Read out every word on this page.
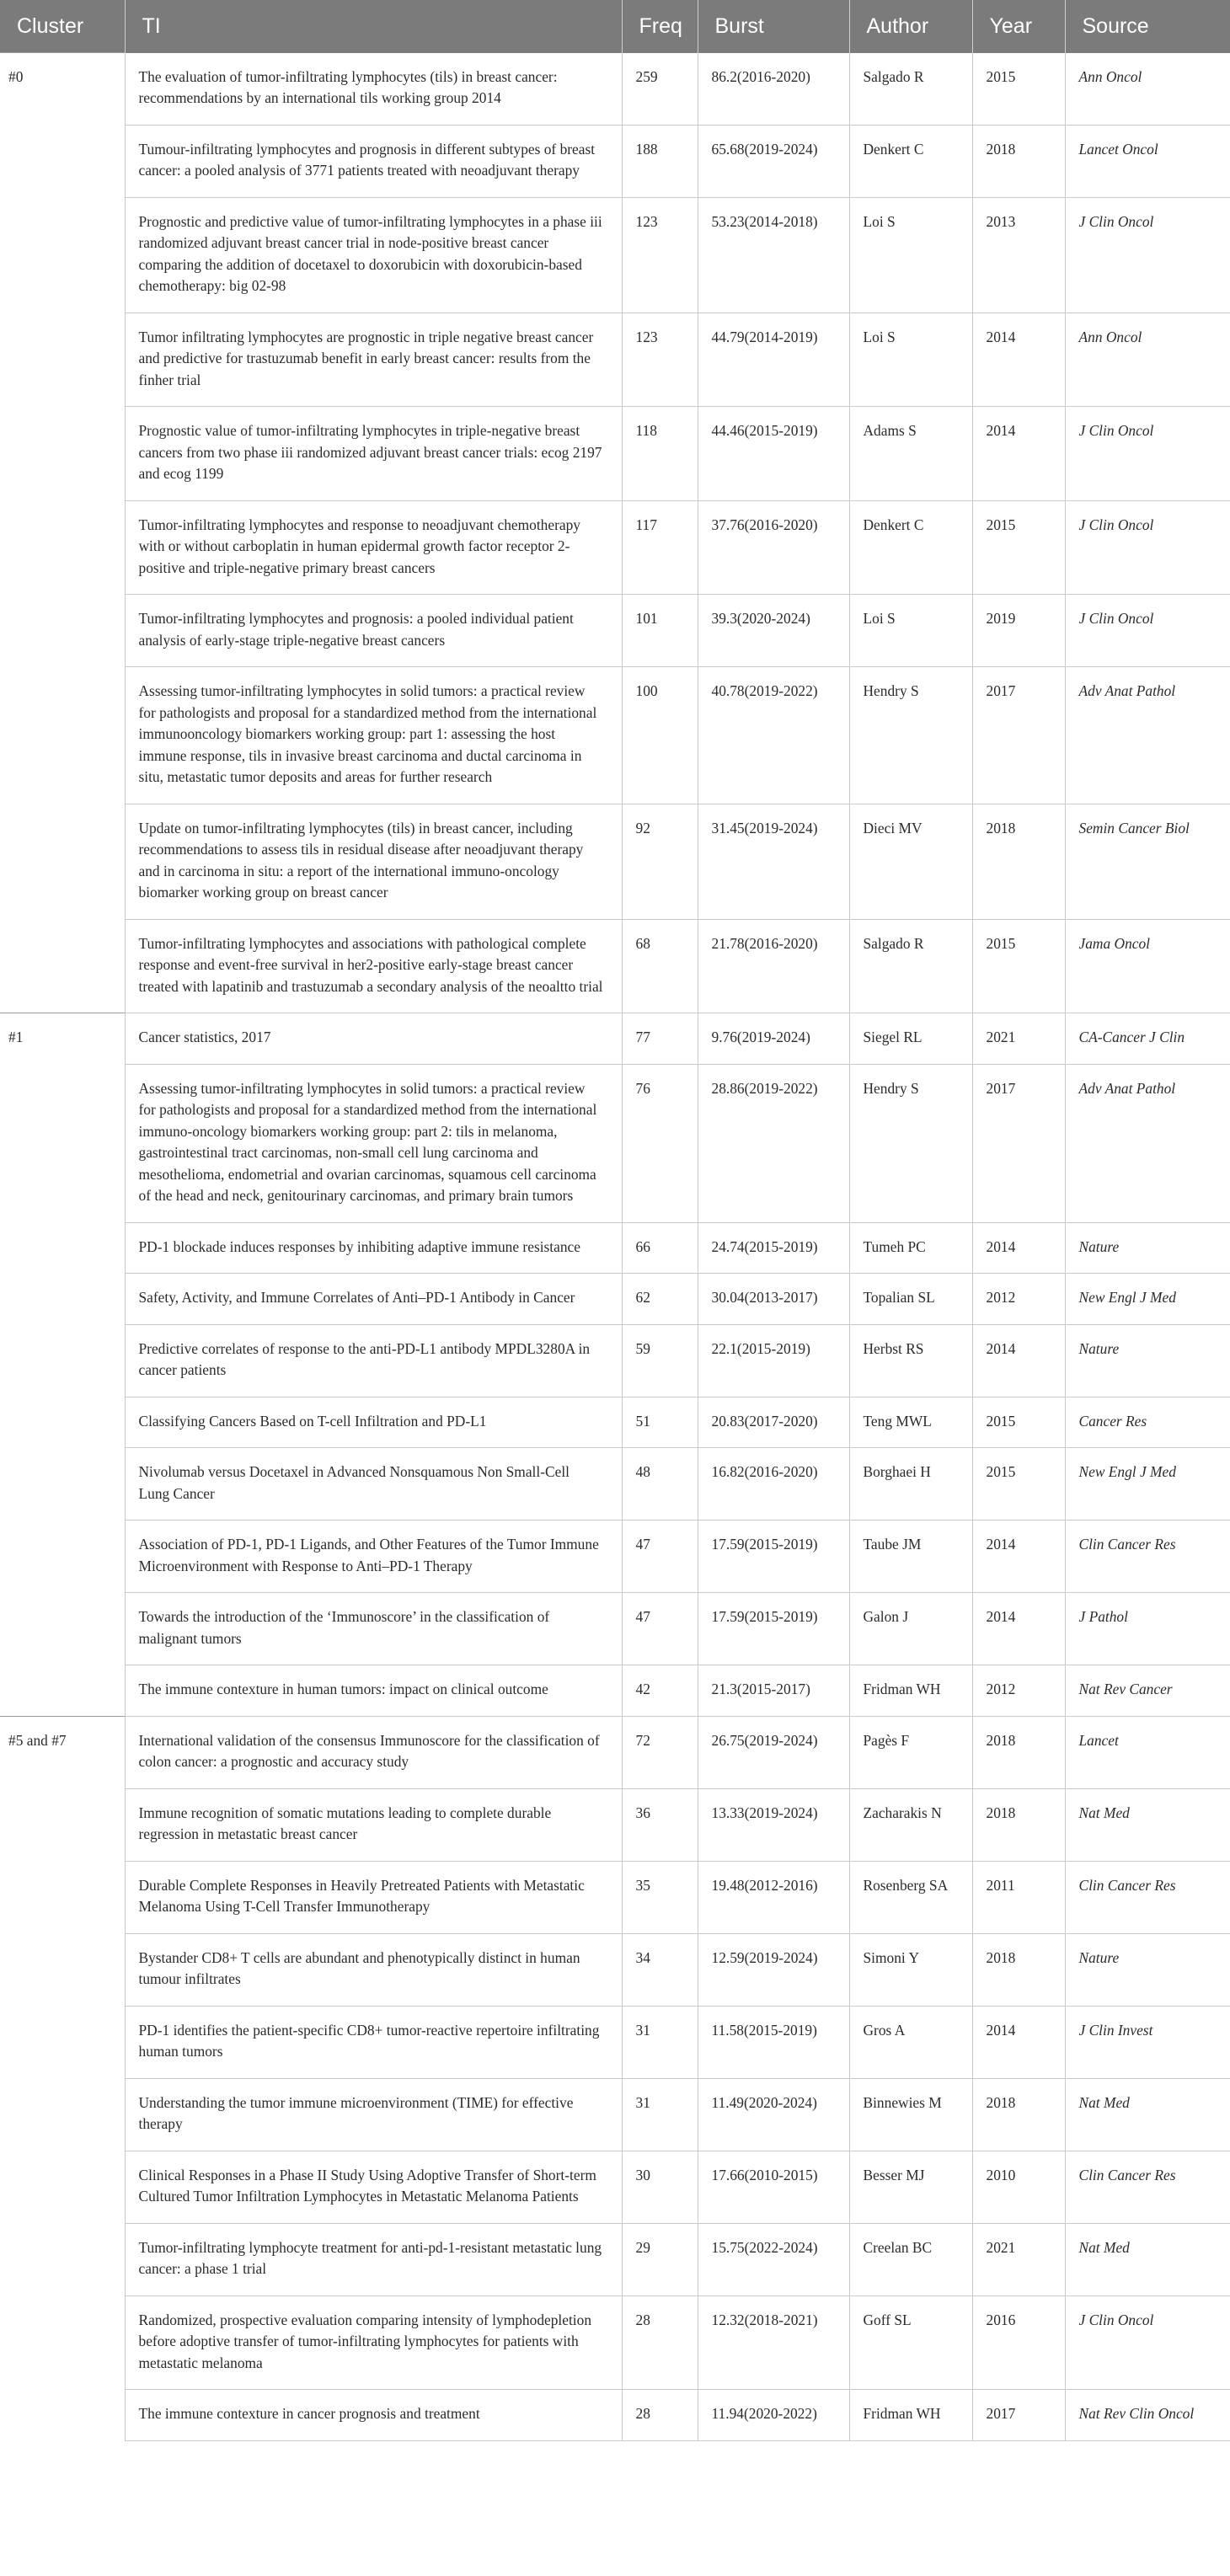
Cluster	TI	Freq	Burst	Author	Year	Source
#0	The evaluation of tumor-infiltrating lymphocytes (tils) in breast cancer: recommendations by an international tils working group 2014	259	86.2(2016-2020)	Salgado R	2015	Ann Oncol
	Tumour-infiltrating lymphocytes and prognosis in different subtypes of breast cancer: a pooled analysis of 3771 patients treated with neoadjuvant therapy	188	65.68(2019-2024)	Denkert C	2018	Lancet Oncol
	Prognostic and predictive value of tumor-infiltrating lymphocytes in a phase iii randomized adjuvant breast cancer trial in node-positive breast cancer comparing the addition of docetaxel to doxorubicin with doxorubicin-based chemotherapy: big 02-98	123	53.23(2014-2018)	Loi S	2013	J Clin Oncol
	Tumor infiltrating lymphocytes are prognostic in triple negative breast cancer and predictive for trastuzumab benefit in early breast cancer: results from the finher trial	123	44.79(2014-2019)	Loi S	2014	Ann Oncol
	Prognostic value of tumor-infiltrating lymphocytes in triple-negative breast cancers from two phase iii randomized adjuvant breast cancer trials: ecog 2197 and ecog 1199	118	44.46(2015-2019)	Adams S	2014	J Clin Oncol
	Tumor-infiltrating lymphocytes and response to neoadjuvant chemotherapy with or without carboplatin in human epidermal growth factor receptor 2-positive and triple-negative primary breast cancers	117	37.76(2016-2020)	Denkert C	2015	J Clin Oncol
	Tumor-infiltrating lymphocytes and prognosis: a pooled individual patient analysis of early-stage triple-negative breast cancers	101	39.3(2020-2024)	Loi S	2019	J Clin Oncol
	Assessing tumor-infiltrating lymphocytes in solid tumors: a practical review for pathologists and proposal for a standardized method from the international immunooncology biomarkers working group: part 1: assessing the host immune response, tils in invasive breast carcinoma and ductal carcinoma in situ, metastatic tumor deposits and areas for further research	100	40.78(2019-2022)	Hendry S	2017	Adv Anat Pathol
	Update on tumor-infiltrating lymphocytes (tils) in breast cancer, including recommendations to assess tils in residual disease after neoadjuvant therapy and in carcinoma in situ: a report of the international immuno-oncology biomarker working group on breast cancer	92	31.45(2019-2024)	Dieci MV	2018	Semin Cancer Biol
	Tumor-infiltrating lymphocytes and associations with pathological complete response and event-free survival in her2-positive early-stage breast cancer treated with lapatinib and trastuzumab a secondary analysis of the neoaltto trial	68	21.78(2016-2020)	Salgado R	2015	Jama Oncol
#1	Cancer statistics, 2017	77	9.76(2019-2024)	Siegel RL	2021	CA-Cancer J Clin
	Assessing tumor-infiltrating lymphocytes in solid tumors: a practical review for pathologists and proposal for a standardized method from the international immuno-oncology biomarkers working group: part 2: tils in melanoma, gastrointestinal tract carcinomas, non-small cell lung carcinoma and mesothelioma, endometrial and ovarian carcinomas, squamous cell carcinoma of the head and neck, genitourinary carcinomas, and primary brain tumors	76	28.86(2019-2022)	Hendry S	2017	Adv Anat Pathol
	PD-1 blockade induces responses by inhibiting adaptive immune resistance	66	24.74(2015-2019)	Tumeh PC	2014	Nature
	Safety, Activity, and Immune Correlates of Anti–PD-1 Antibody in Cancer	62	30.04(2013-2017)	Topalian SL	2012	New Engl J Med
	Predictive correlates of response to the anti-PD-L1 antibody MPDL3280A in cancer patients	59	22.1(2015-2019)	Herbst RS	2014	Nature
	Classifying Cancers Based on T-cell Infiltration and PD-L1	51	20.83(2017-2020)	Teng MWL	2015	Cancer Res
	Nivolumab versus Docetaxel in Advanced Nonsquamous Non Small-Cell Lung Cancer	48	16.82(2016-2020)	Borghaei H	2015	New Engl J Med
	Association of PD-1, PD-1 Ligands, and Other Features of the Tumor Immune Microenvironment with Response to Anti–PD-1 Therapy	47	17.59(2015-2019)	Taube JM	2014	Clin Cancer Res
	Towards the introduction of the ‘Immunoscore’ in the classification of malignant tumors	47	17.59(2015-2019)	Galon J	2014	J Pathol
	The immune contexture in human tumors: impact on clinical outcome	42	21.3(2015-2017)	Fridman WH	2012	Nat Rev Cancer
#5 and #7	International validation of the consensus Immunoscore for the classification of colon cancer: a prognostic and accuracy study	72	26.75(2019-2024)	Pagès F	2018	Lancet
	Immune recognition of somatic mutations leading to complete durable regression in metastatic breast cancer	36	13.33(2019-2024)	Zacharakis N	2018	Nat Med
	Durable Complete Responses in Heavily Pretreated Patients with Metastatic Melanoma Using T-Cell Transfer Immunotherapy	35	19.48(2012-2016)	Rosenberg SA	2011	Clin Cancer Res
	Bystander CD8+ T cells are abundant and phenotypically distinct in human tumour infiltrates	34	12.59(2019-2024)	Simoni Y	2018	Nature
	PD-1 identifies the patient-specific CD8+ tumor-reactive repertoire infiltrating human tumors	31	11.58(2015-2019)	Gros A	2014	J Clin Invest
	Understanding the tumor immune microenvironment (TIME) for effective therapy	31	11.49(2020-2024)	Binnewies M	2018	Nat Med
	Clinical Responses in a Phase II Study Using Adoptive Transfer of Short-term Cultured Tumor Infiltration Lymphocytes in Metastatic Melanoma Patients	30	17.66(2010-2015)	Besser MJ	2010	Clin Cancer Res
	Tumor-infiltrating lymphocyte treatment for anti-pd-1-resistant metastatic lung cancer: a phase 1 trial	29	15.75(2022-2024)	Creelan BC	2021	Nat Med
	Randomized, prospective evaluation comparing intensity of lymphodepletion before adoptive transfer of tumor-infiltrating lymphocytes for patients with metastatic melanoma	28	12.32(2018-2021)	Goff SL	2016	J Clin Oncol
	The immune contexture in cancer prognosis and treatment	28	11.94(2020-2022)	Fridman WH	2017	Nat Rev Clin Oncol
